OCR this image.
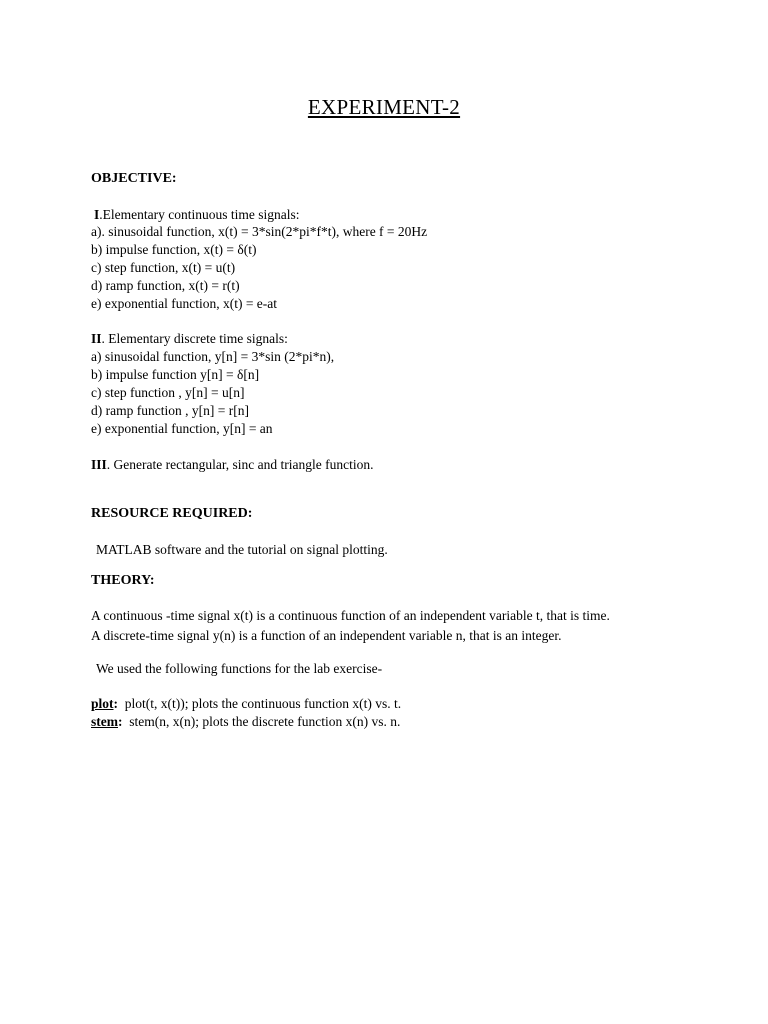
EXPERIMENT-2
OBJECTIVE:
I.Elementary continuous time signals:
a). sinusoidal function, x(t) = 3*sin(2*pi*f*t), where f = 20Hz
b) impulse function, x(t) = δ(t)
c) step function, x(t) = u(t)
d) ramp function, x(t) = r(t)
e) exponential function, x(t) = e-at
II. Elementary discrete time signals:
a) sinusoidal function, y[n] = 3*sin (2*pi*n),
b) impulse function y[n] = δ[n]
c) step function , y[n] = u[n]
d) ramp function , y[n] = r[n]
e) exponential function, y[n] = an
III. Generate rectangular, sinc and triangle function.
RESOURCE REQUIRED:
MATLAB software and the tutorial on signal plotting.
THEORY:
A continuous -time signal x(t) is a continuous function of an independent variable t, that is time.
A discrete-time signal y(n) is a function of an independent variable n, that is an integer.
We used the following functions for the lab exercise-
plot:  plot(t, x(t)); plots the continuous function x(t) vs. t.
stem:  stem(n, x(n); plots the discrete function x(n) vs. n.
